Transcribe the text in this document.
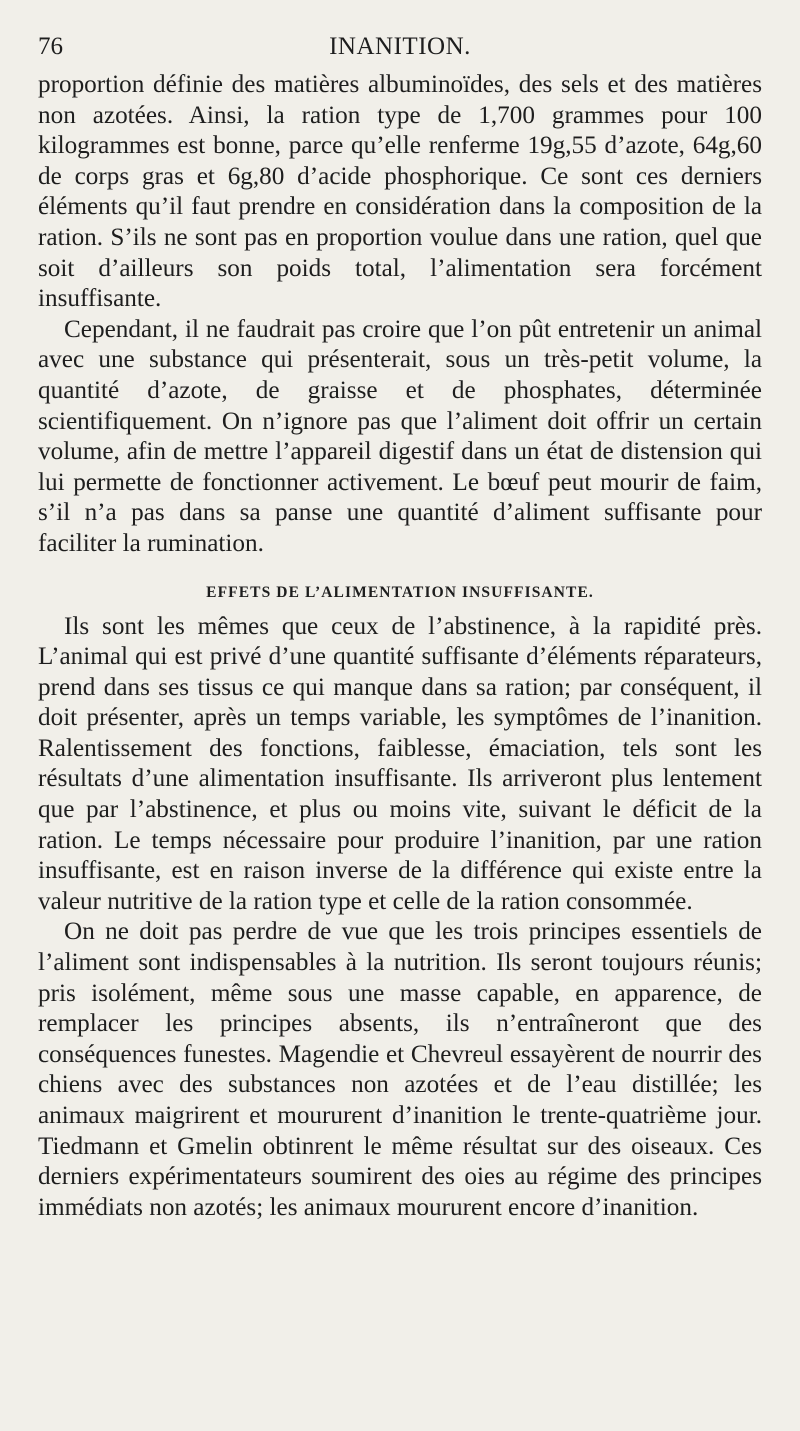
76	INANITION.

proportion définie des matières albuminoïdes, des sels et des matières non azotées. Ainsi, la ration type de 1,700 grammes pour 100 kilogrammes est bonne, parce qu’elle renferme 19g,55 d’azote, 64g,60 de corps gras et 6g,80 d’acide phosphorique. Ce sont ces derniers éléments qu’il faut prendre en considération dans la composition de la ration. S’ils ne sont pas en proportion voulue dans une ration, quel que soit d’ailleurs son poids total, l’alimentation sera forcément insuffisante.

Cependant, il ne faudrait pas croire que l’on pût entretenir un animal avec une substance qui présenterait, sous un très-petit volume, la quantité d’azote, de graisse et de phosphates, déterminée scientifiquement. On n’ignore pas que l’aliment doit offrir un certain volume, afin de mettre l’appareil digestif dans un état de distension qui lui permette de fonctionner activement. Le bœuf peut mourir de faim, s’il n’a pas dans sa panse une quantité d’aliment suffisante pour faciliter la rumination.

EFFETS DE L’ALIMENTATION INSUFFISANTE.

Ils sont les mêmes que ceux de l’abstinence, à la rapidité près. L’animal qui est privé d’une quantité suffisante d’éléments réparateurs, prend dans ses tissus ce qui manque dans sa ration; par conséquent, il doit présenter, après un temps variable, les symptômes de l’inanition. Ralentissement des fonctions, faiblesse, émaciation, tels sont les résultats d’une alimentation insuffisante. Ils arriveront plus lentement que par l’abstinence, et plus ou moins vite, suivant le déficit de la ration. Le temps nécessaire pour produire l’inanition, par une ration insuffisante, est en raison inverse de la différence qui existe entre la valeur nutritive de la ration type et celle de la ration consommée.

On ne doit pas perdre de vue que les trois principes essentiels de l’aliment sont indispensables à la nutrition. Ils seront toujours réunis; pris isolément, même sous une masse capable, en apparence, de remplacer les principes absents, ils n’entraîneront que des conséquences funestes. Magendie et Chevreul essayèrent de nourrir des chiens avec des substances non azotées et de l’eau distillée; les animaux maigrirent et moururent d’inanition le trente-quatrième jour. Tiedmann et Gmelin obtinrent le même résultat sur des oiseaux. Ces derniers expérimentateurs soumirent des oies au régime des principes immédiats non azotés; les animaux moururent encore d’inanition.
